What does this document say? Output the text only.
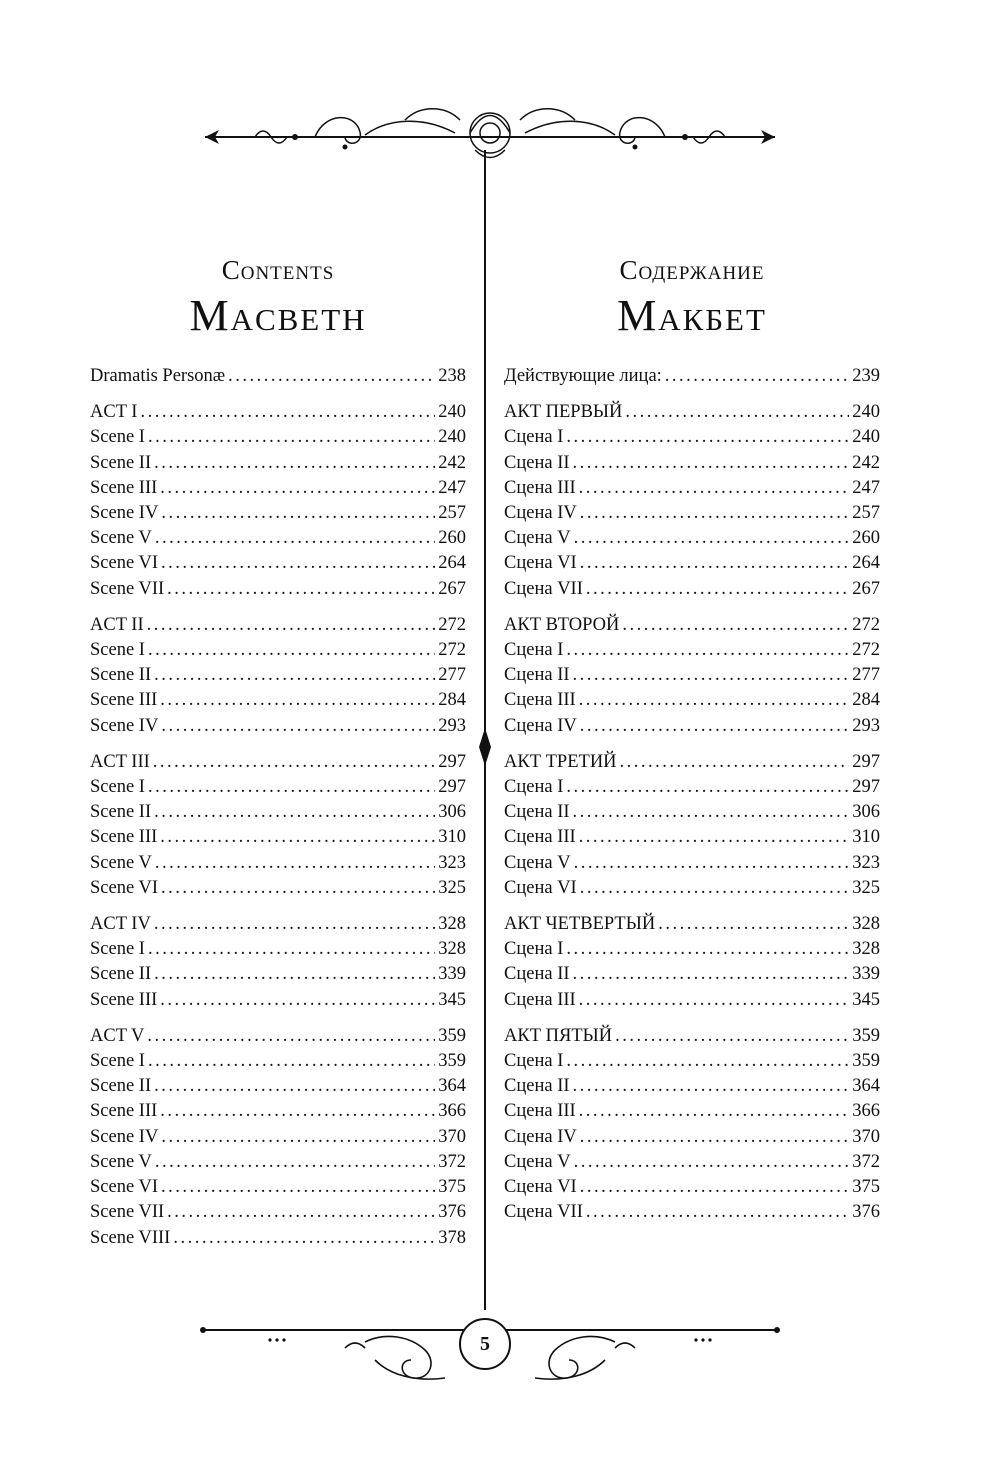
Contents
Macbeth
Dramatis Personæ .....	238
ACT I .....	240
Scene I .....	240
Scene II .....	242
Scene III .....	247
Scene IV .....	257
Scene V .....	260
Scene VI .....	264
Scene VII .....	267
ACT II .....	272
Scene I .....	272
Scene II .....	277
Scene III .....	284
Scene IV .....	293
ACT III .....	297
Scene I .....	297
Scene II .....	306
Scene III .....	310
Scene V .....	323
Scene VI .....	325
ACT IV .....	328
Scene I .....	328
Scene II .....	339
Scene III .....	345
ACT V .....	359
Scene I .....	359
Scene II .....	364
Scene III .....	366
Scene IV .....	370
Scene V .....	372
Scene VI .....	375
Scene VII .....	376
Scene VIII .....	378
Содержание
Макбет
Действующие лица: .....	239
АКТ ПЕРВЫЙ .....	240
Сцена I .....	240
Сцена II .....	242
Сцена III .....	247
Сцена IV .....	257
Сцена V .....	260
Сцена VI .....	264
Сцена VII .....	267
АКТ ВТОРОЙ .....	272
Сцена I .....	272
Сцена II .....	277
Сцена III .....	284
Сцена IV .....	293
АКТ ТРЕТИЙ .....	297
Сцена I .....	297
Сцена II .....	306
Сцена III .....	310
Сцена V .....	323
Сцена VI .....	325
АКТ ЧЕТВЕРТЫЙ .....	328
Сцена I .....	328
Сцена II .....	339
Сцена III .....	345
АКТ ПЯТЫЙ .....	359
Сцена I .....	359
Сцена II .....	364
Сцена III .....	366
Сцена IV .....	370
Сцена V .....	372
Сцена VI .....	375
Сцена VII .....	376
5
